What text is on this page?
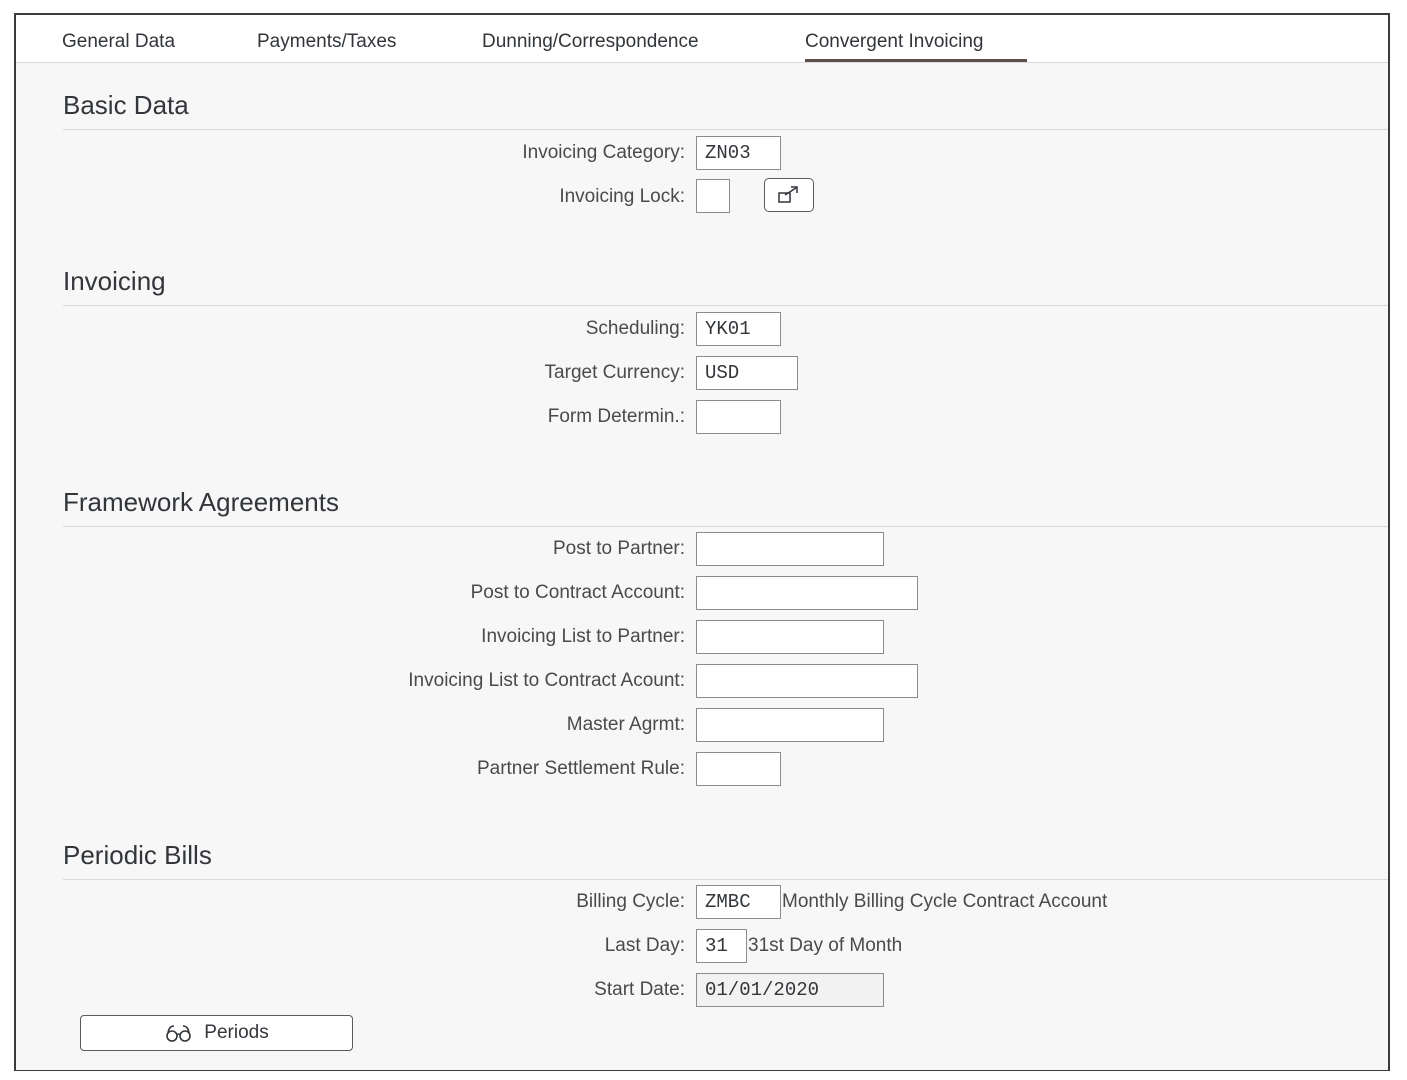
General Data	Payments/Taxes	Dunning/Correspondence	Convergent Invoicing
Basic Data
Invoicing Category:	ZN03
Invoicing Lock:
Invoicing
Scheduling:	YK01
Target Currency:	USD
Form Determin.:
Framework Agreements
Post to Partner:
Post to Contract Account:
Invoicing List to Partner:
Invoicing List to Contract Acount:
Master Agrmt:
Partner Settlement Rule:
Periodic Bills
Billing Cycle:	ZMBC	Monthly Billing Cycle Contract Account
Last Day:	31	31st Day of Month
Start Date:	01/01/2020
Periods
